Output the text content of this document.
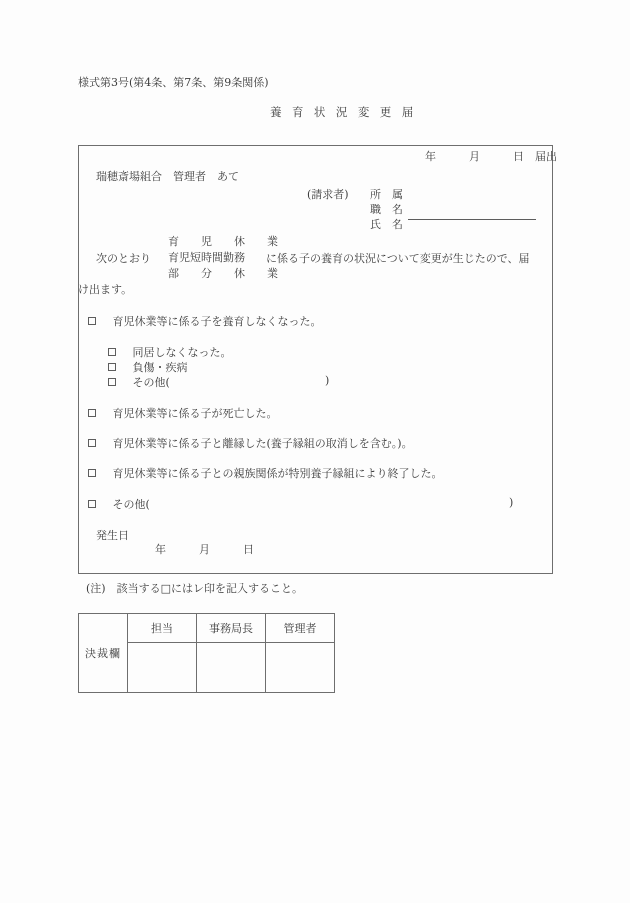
様式第3号(第4条、第7条、第9条関係)
養 育 状 況 変 更 届
年　　　月　　　日　届出
瑞穂斎場組合　管理者　あて
(請求者) 所　属
職　名
氏　名
次のとおり
育　児　休　業
育児短時間勤務
部　分　休　業
に係る子の養育の状況について変更が生じたので、届
け出ます。
育児休業等に係る子を養育しなくなった。
同居しなくなった。
負傷・疾病
その他(	)
育児休業等に係る子が死亡した。
育児休業等に係る子と離縁した(養子縁組の取消しを含む。)。
育児休業等に係る子との親族関係が特別養子縁組により終了した。
その他(	)
発生日
年　　　月　　　日
(注)　該当する□にはレ印を記入すること。
決裁欄	担当	事務局長	管理者
